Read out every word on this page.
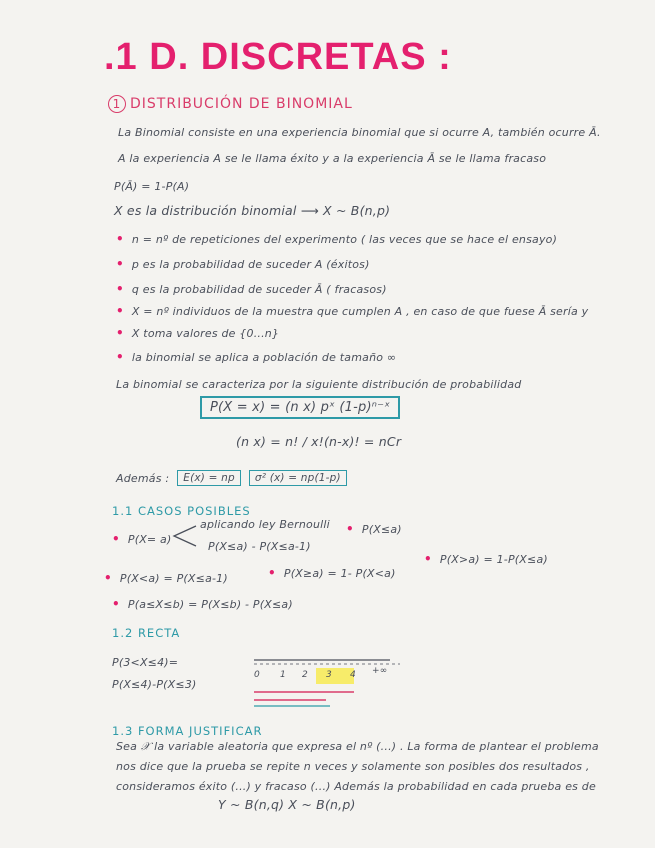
.1 D. DISCRETAS :
1 DISTRIBUCIÓN DE BINOMIAL
La Binomial consiste en una experiencia binomial que si ocurre A, también ocurre Ā.
A la experiencia A se le llama éxito y a la experiencia Ā se le llama fracaso
P(Ā) = 1-P(A)
X es la distribución binomial ⟶ X ~ B(n,p)
• n = nº de repeticiones del experimento ( las veces que se hace el ensayo)
• p es la probabilidad de suceder A (éxitos)
• q es la probabilidad de suceder Ā ( fracasos)
• X = nº individuos de la muestra que cumplen A , en caso de que fuese Ā sería y
• X toma valores de {0...n}
• la binomial se aplica a población de tamaño ∞
La binomial se caracteriza por la siguiente distribución de probabilidad
P(X = x) = (n x) pˣ (1-p)ⁿ⁻ˣ
(n x) = n! / x!(n-x)! = nCr
Además :	E(x) = np	σ² (x) = np(1-p)
1.1 CASOS POSIBLES
• P(X= a)
aplicando ley Bernoulli
P(X≤a) - P(X≤a-1)
• P(X≤a)
• P(X<a) = P(X≤a-1)	• P(X≥a) = 1- P(X<a)
• P(X>a) = 1-P(X≤a)
• P(a≤X≤b) = P(X≤b) - P(X≤a)
1.2 RECTA
P(3<X≤4)=
P(X≤4)-P(X≤3)
0 1 2 3 4 +∞
1.3 FORMA JUSTIFICAR
Sea 𝒳 la variable aleatoria que expresa el nº (...) . La forma de plantear el problema
nos dice que la prueba se repite n veces y solamente son posibles dos resultados ,
consideramos éxito (...) y fracaso (...) Además la probabilidad en cada prueba es de
Y ~ B(n,q) X ~ B(n,p)
